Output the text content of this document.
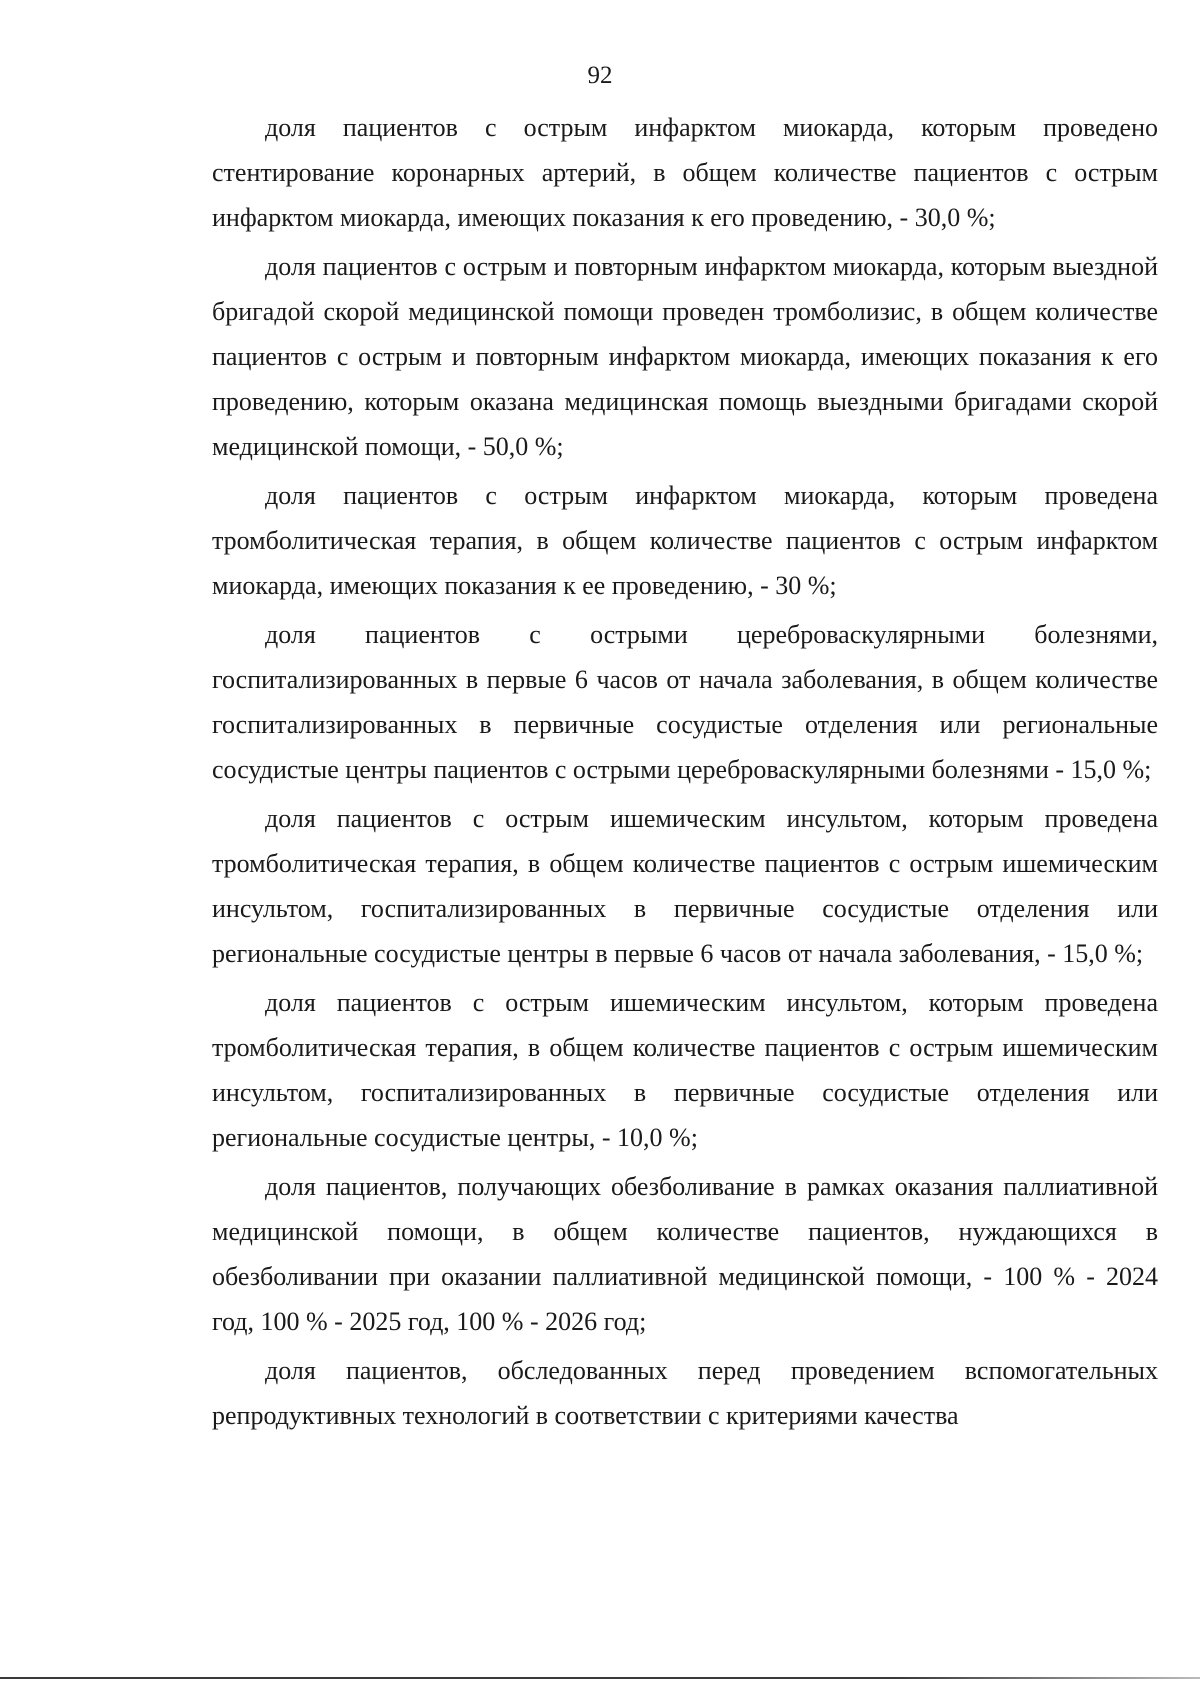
92

доля пациентов с острым инфарктом миокарда, которым проведено стентирование коронарных артерий, в общем количестве пациентов с острым инфарктом миокарда, имеющих показания к его проведению, - 30,0 %;

доля пациентов с острым и повторным инфарктом миокарда, которым выездной бригадой скорой медицинской помощи проведен тромболизис, в общем количестве пациентов с острым и повторным инфарктом миокарда, имеющих показания к его проведению, которым оказана медицинская помощь выездными бригадами скорой медицинской помощи, - 50,0 %;

доля пациентов с острым инфарктом миокарда, которым проведена тромболитическая терапия, в общем количестве пациентов с острым инфарктом миокарда, имеющих показания к ее проведению, - 30 %;

доля пациентов с острыми цереброваскулярными болезнями, госпитализированных в первые 6 часов от начала заболевания, в общем количестве госпитализированных в первичные сосудистые отделения или региональные сосудистые центры пациентов с острыми цереброваскулярными болезнями - 15,0 %;

доля пациентов с острым ишемическим инсультом, которым проведена тромболитическая терапия, в общем количестве пациентов с острым ишемическим инсультом, госпитализированных в первичные сосудистые отделения или региональные сосудистые центры в первые 6 часов от начала заболевания, - 15,0 %;

доля пациентов с острым ишемическим инсультом, которым проведена тромболитическая терапия, в общем количестве пациентов с острым ишемическим инсультом, госпитализированных в первичные сосудистые отделения или региональные сосудистые центры, - 10,0 %;

доля пациентов, получающих обезболивание в рамках оказания паллиативной медицинской помощи, в общем количестве пациентов, нуждающихся в обезболивании при оказании паллиативной медицинской помощи, - 100 % - 2024 год, 100 % - 2025 год, 100 % - 2026 год;

доля пациентов, обследованных перед проведением вспомогательных репродуктивных технологий в соответствии с критериями качества
